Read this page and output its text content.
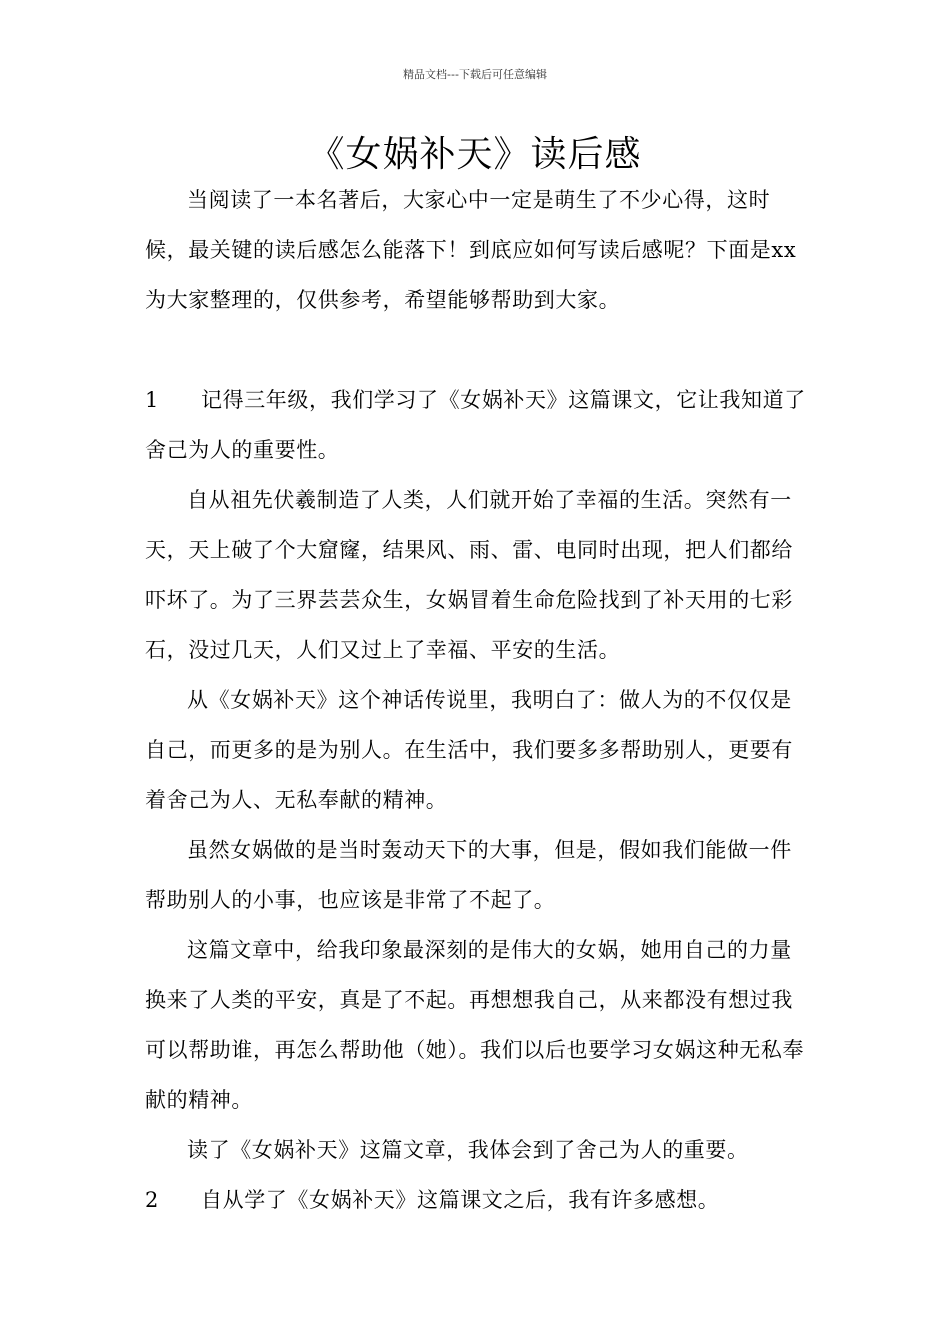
精品文档---下载后可任意编辑
《女娲补天》读后感

当阅读了一本名著后，大家心中一定是萌生了不少心得，这时候，最关键的读后感怎么能落下！到底应如何写读后感呢？下面是xx为大家整理的，仅供参考，希望能够帮助到大家。

1 记得三年级，我们学习了《女娲补天》这篇课文，它让我知道了舍己为人的重要性。

自从祖先伏羲制造了人类，人们就开始了幸福的生活。突然有一天，天上破了个大窟窿，结果风、雨、雷、电同时出现，把人们都给吓坏了。为了三界芸芸众生，女娲冒着生命危险找到了补天用的七彩石，没过几天，人们又过上了幸福、平安的生活。

从《女娲补天》这个神话传说里，我明白了：做人为的不仅仅是自己，而更多的是为别人。在生活中，我们要多多帮助别人，更要有着舍己为人、无私奉献的精神。

虽然女娲做的是当时轰动天下的大事，但是，假如我们能做一件帮助别人的小事，也应该是非常了不起了。

这篇文章中，给我印象最深刻的是伟大的女娲，她用自己的力量换来了人类的平安，真是了不起。再想想我自己，从来都没有想过我可以帮助谁，再怎么帮助他（她）。我们以后也要学习女娲这种无私奉献的精神。

读了《女娲补天》这篇文章，我体会到了舍己为人的重要。

2 自从学了《女娲补天》这篇课文之后，我有许多感想。
